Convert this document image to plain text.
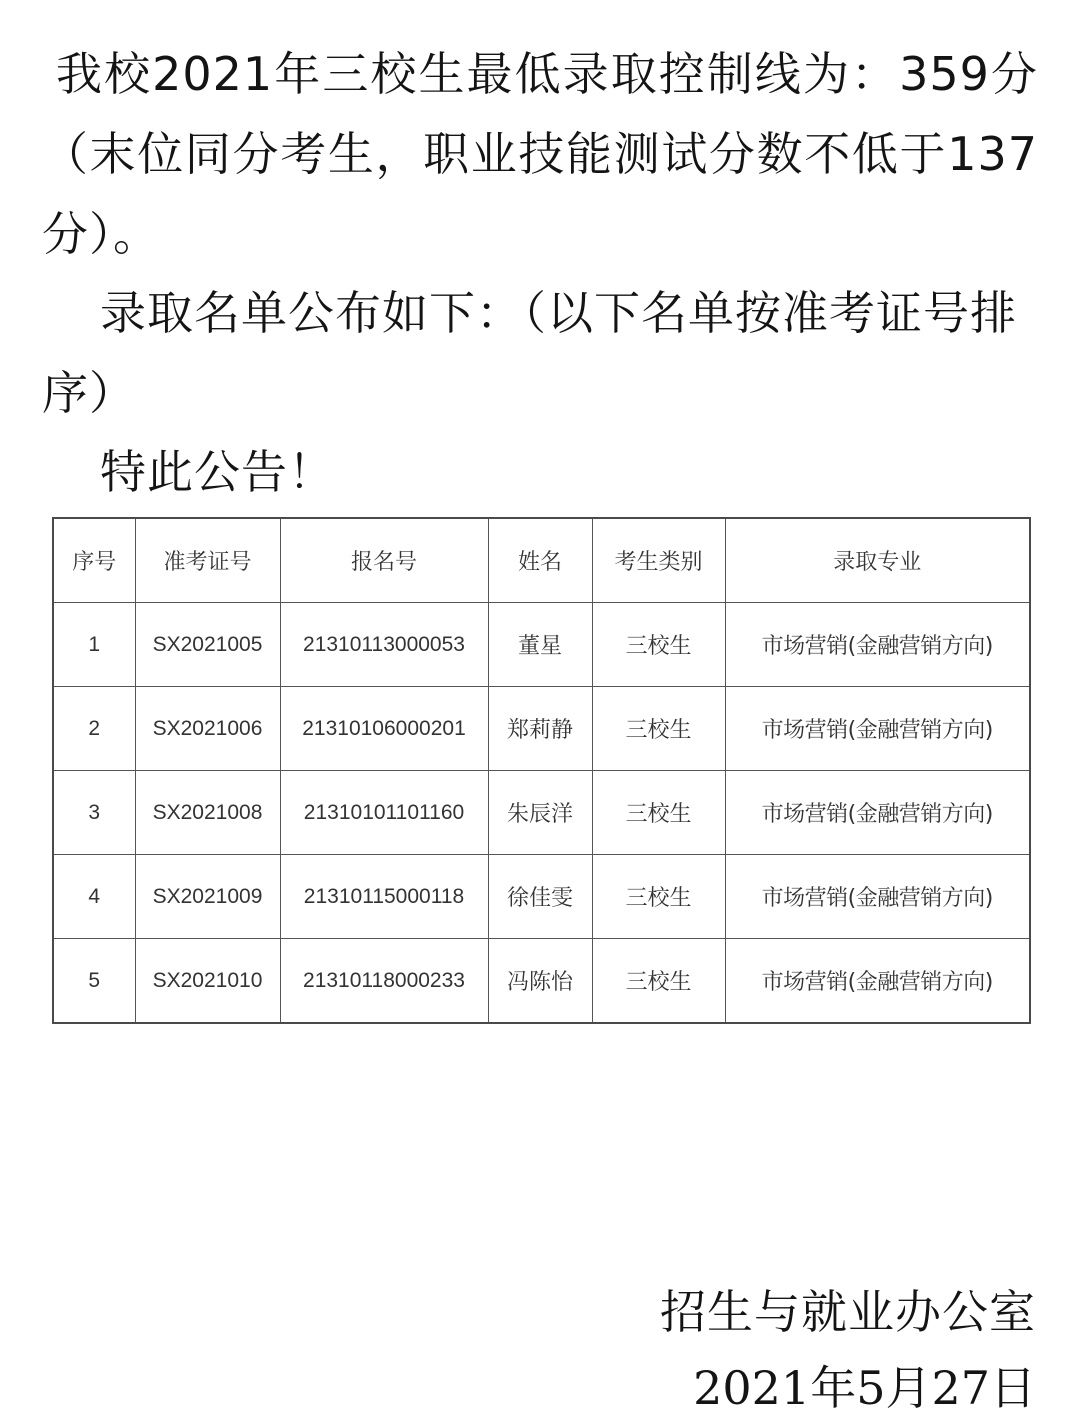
我校2021年三校生最低录取控制线为：359分（末位同分考生，职业技能测试分数不低于137分）。

录取名单公布如下：（以下名单按准考证号排序）

特此公告！

序号	准考证号	报名号	姓名	考生类别	录取专业
1	SX2021005	21310113000053	董星	三校生	市场营销(金融营销方向)
2	SX2021006	21310106000201	郑莉静	三校生	市场营销(金融营销方向)
3	SX2021008	21310101101160	朱辰洋	三校生	市场营销(金融营销方向)
4	SX2021009	21310115000118	徐佳雯	三校生	市场营销(金融营销方向)
5	SX2021010	21310118000233	冯陈怡	三校生	市场营销(金融营销方向)

招生与就业办公室

2021年5月27日
